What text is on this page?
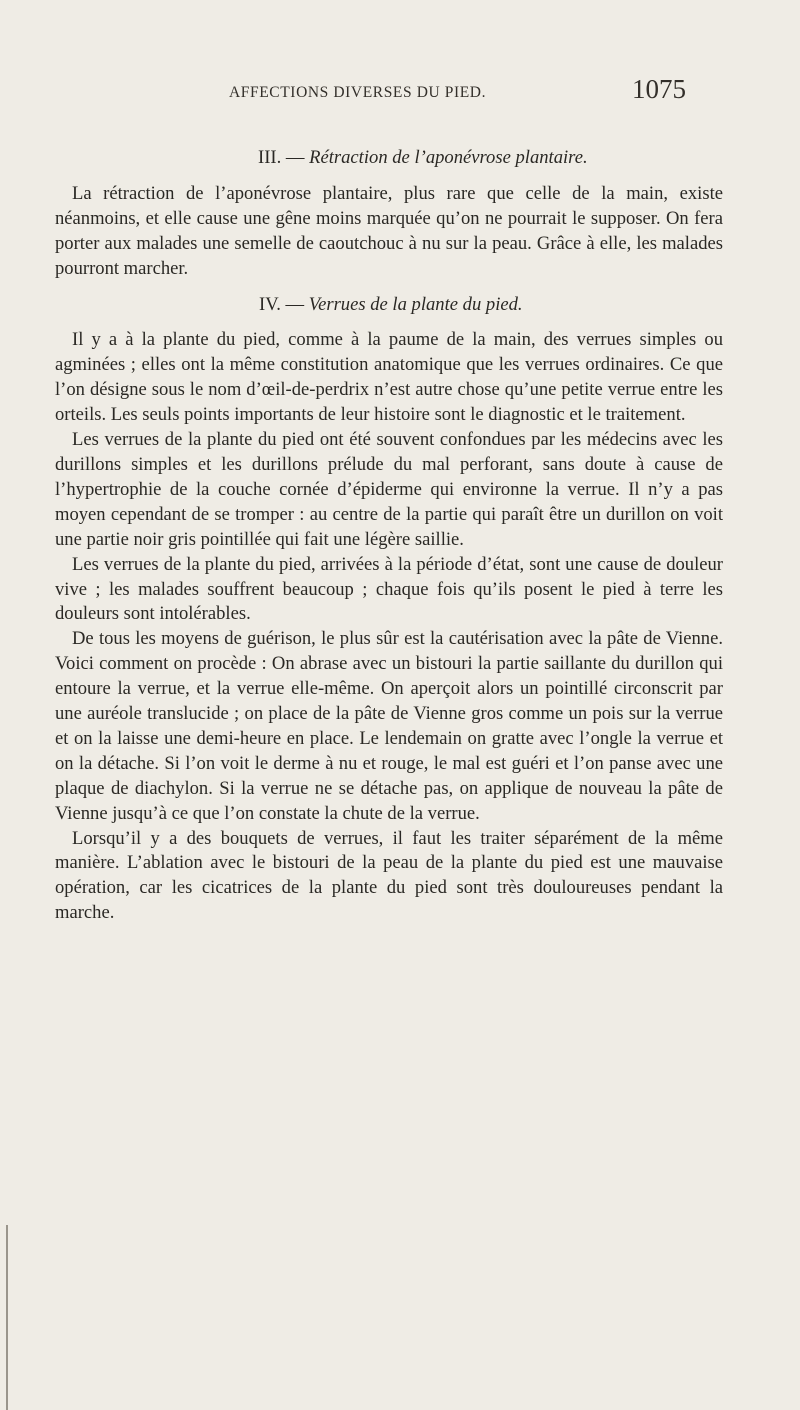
AFFECTIONS DIVERSES DU PIED.	1075
III. — Rétraction de l’aponévrose plantaire.

La rétraction de l’aponévrose plantaire, plus rare que celle de la main, existe néanmoins, et elle cause une gêne moins marquée qu’on ne pourrait le supposer. On fera porter aux malades une semelle de caoutchouc à nu sur la peau. Grâce à elle, les malades pourront marcher.

IV. — Verrues de la plante du pied.

Il y a à la plante du pied, comme à la paume de la main, des verrues simples ou agminées ; elles ont la même constitution anatomique que les verrues ordinaires. Ce que l’on désigne sous le nom d’œil-de-perdrix n’est autre chose qu’une petite verrue entre les orteils. Les seuls points importants de leur histoire sont le diagnostic et le traitement.

Les verrues de la plante du pied ont été souvent confondues par les médecins avec les durillons simples et les durillons prélude du mal perforant, sans doute à cause de l’hypertrophie de la couche cornée d’épiderme qui environne la verrue. Il n’y a pas moyen cependant de se tromper : au centre de la partie qui paraît être un durillon on voit une partie noir gris pointillée qui fait une légère saillie.

Les verrues de la plante du pied, arrivées à la période d’état, sont une cause de douleur vive ; les malades souffrent beaucoup ; chaque fois qu’ils posent le pied à terre les douleurs sont intolérables.

De tous les moyens de guérison, le plus sûr est la cautérisation avec la pâte de Vienne. Voici comment on procède : On abrase avec un bistouri la partie saillante du durillon qui entoure la verrue, et la verrue elle-même. On aperçoit alors un pointillé circonscrit par une auréole translucide ; on place de la pâte de Vienne gros comme un pois sur la verrue et on la laisse une demi-heure en place. Le lendemain on gratte avec l’ongle la verrue et on la détache. Si l’on voit le derme à nu et rouge, le mal est guéri et l’on panse avec une plaque de diachylon. Si la verrue ne se détache pas, on applique de nouveau la pâte de Vienne jusqu’à ce que l’on constate la chute de la verrue.

Lorsqu’il y a des bouquets de verrues, il faut les traiter séparément de la même manière. L’ablation avec le bistouri de la peau de la plante du pied est une mauvaise opération, car les cicatrices de la plante du pied sont très douloureuses pendant la marche.
